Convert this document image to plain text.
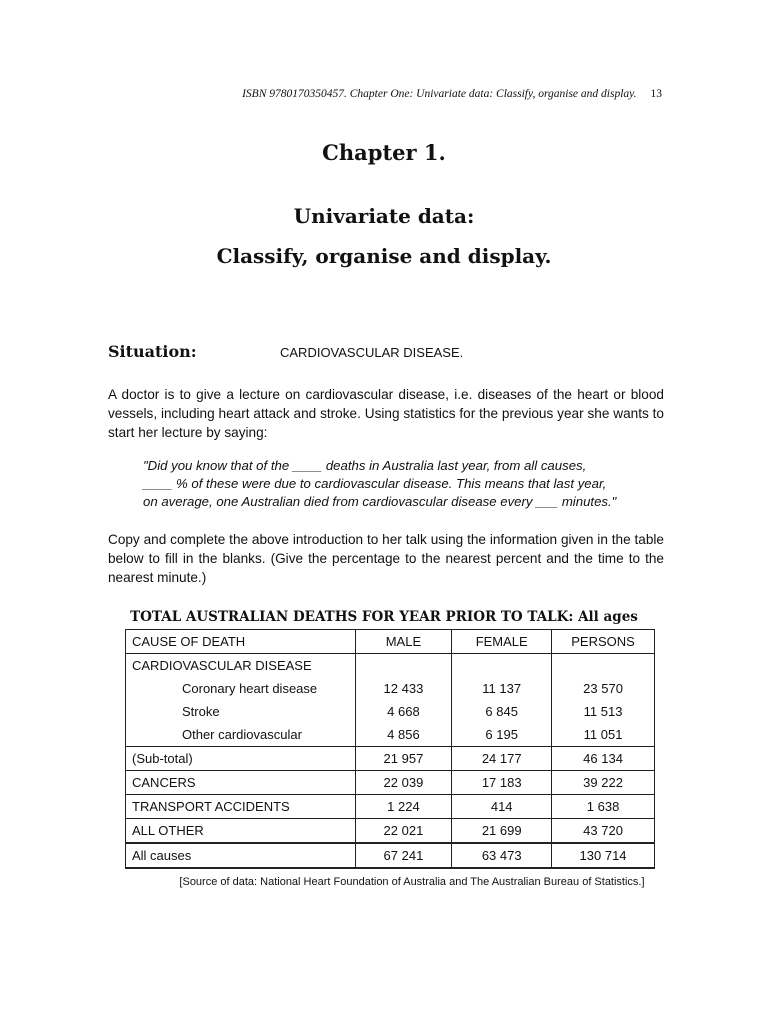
ISBN 9780170350457. Chapter One: Univariate data: Classify, organise and display. 13
Chapter 1.
Univariate data:
Classify, organise and display.
Situation:	CARDIOVASCULAR DISEASE.
A doctor is to give a lecture on cardiovascular disease, i.e. diseases of the heart or blood vessels, including heart attack and stroke. Using statistics for the previous year she wants to start her lecture by saying:
"Did you know that of the ____ deaths in Australia last year, from all causes,
____ % of these were due to cardiovascular disease. This means that last year,
on average, one Australian died from cardiovascular disease every ___ minutes."
Copy and complete the above introduction to her talk using the information given in the table below to fill in the blanks. (Give the percentage to the nearest percent and the time to the nearest minute.)
TOTAL AUSTRALIAN DEATHS FOR YEAR PRIOR TO TALK: All ages
CAUSE OF DEATH	MALE	FEMALE	PERSONS
CARDIOVASCULAR DISEASE			
Coronary heart disease	12 433	11 137	23 570
Stroke	4 668	6 845	11 513
Other cardiovascular	4 856	6 195	11 051
(Sub-total)	21 957	24 177	46 134
CANCERS	22 039	17 183	39 222
TRANSPORT ACCIDENTS	1 224	414	1 638
ALL OTHER	22 021	21 699	43 720
All causes	67 241	63 473	130 714
[Source of data: National Heart Foundation of Australia and The Australian Bureau of Statistics.]
